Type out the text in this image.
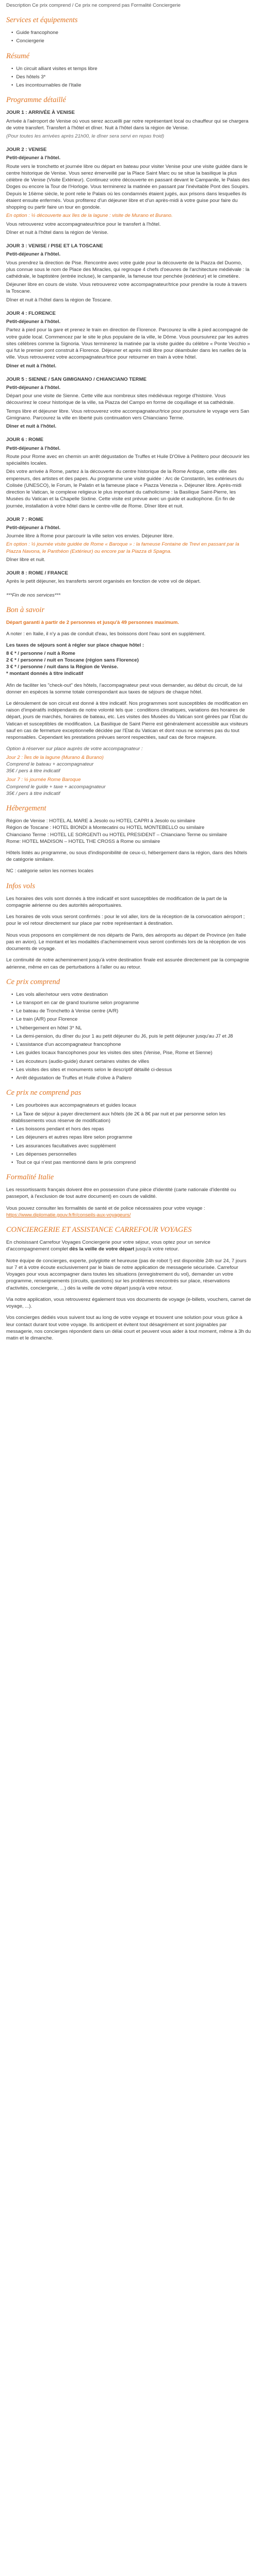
Description Ce prix comprend / Ce prix ne comprend pas Formalité Conciergerie
Services et équipements
• Guide francophone
• Conciergerie
Résumé
• Un circuit alliant visites et temps libre
• Des hôtels 3*
• Les incontournables de l'Italie
Programme détaillé
JOUR 1 : ARRIVÉE À VENISE

Arrivée à l'aéroport de Venise où vous serez accueilli par notre représentant local ou chauffeur qui se chargera de votre transfert. Transfert à l'hôtel et dîner. Nuit à l'hôtel dans la région de Venise.

(Pour toutes les arrivées après 21h00, le dîner sera servi en repas froid)

JOUR 2 : VENISE

Petit-déjeuner à l'hôtel.

Route vers le tronchetto et journée libre ou départ en bateau pour visiter Venise pour une visite guidée dans le centre historique de Venise. Vous serez émerveillé par la Place Saint Marc ou se situe la basilique la plus célèbre de Venise (Visite Extérieur). Continuez votre découverte en passant devant le Campanile, le Palais des Doges ou encore la Tour de l'Horloge. Vous terminerez la matinée en passant par l'inévitable Pont des Soupirs. Depuis le 16ème siècle, le pont relie le Palais où les condamnés étaient jugés, aux prisons dans lesquelles ils étaient ensuite enfermés. Vous profiterez d'un déjeuner libre et d'un après-midi à votre guise pour faire du shopping ou partir faire un tour en gondole.

En option : ½ découverte aux îles de la lagune : visite de Murano et Burano.

Vous retrouverez votre accompagnateur/trice pour le transfert à l'hôtel.

Dîner et nuit à l'hôtel dans la région de Venise.

JOUR 3 : VENISE / PISE ET LA TOSCANE

Petit-déjeuner à l'hôtel.

Vous prendrez la direction de Pise. Rencontre avec votre guide pour la découverte de la Piazza del Duomo, plus connue sous le nom de Place des Miracles, qui regroupe 4 chefs d'oeuvres de l'architecture médiévale : la cathédrale, le baptistère (entrée incluse), le campanile, la fameuse tour penchée (extérieur) et le cimetière.

Déjeuner libre en cours de visite. Vous retrouverez votre accompagnateur/trice pour prendre la route à travers la Toscane.

Dîner et nuit à l'hôtel dans la région de Toscane.

JOUR 4 : FLORENCE

Petit-déjeuner à l'hôtel.

Partez à pied pour la gare et prenez le train en direction de Florence. Parcourez la ville à pied accompagné de votre guide local. Commencez par le site le plus populaire de la ville, le Dôme. Vous poursuivrez par les autres sites célèbres comme la Signoria. Vous terminerez la matinée par la visite guidée du célèbre « Ponte Vecchio » qui fut le premier pont construit à Florence. Déjeuner et après midi libre pour déambuler dans les ruelles de la ville. Vous retrouverez votre accompagnateur/trice pour retourner en train à votre hôtel.

Dîner et nuit à l'hôtel.

JOUR 5 : SIENNE / SAN GIMIGNANO / CHIANCIANO TERME

Petit-déjeuner à l'hôtel.

Départ pour une visite de Sienne. Cette ville aux nombreux sites médiévaux regorge d'histoire. Vous découvrirez le coeur historique de la ville, sa Piazza del Campo en forme de coquillage et sa cathédrale.

Temps libre et déjeuner libre. Vous retrouverez votre accompagnateur/trice pour poursuivre le voyage vers San Gimignano. Parcourez la ville en liberté puis continuation vers Chianciano Terme.

Dîner et nuit à l'hôtel.

JOUR 6 : ROME

Petit-déjeuner à l'hôtel.

Route pour Rome avec en chemin un arrêt dégustation de Truffes et Huile D'Olive à Pellitero pour découvrir les spécialités locales.

Dès votre arrivée à Rome, partez à la découverte du centre historique de la Rome Antique, cette ville des empereurs, des artistes et des papes. Au programme une visite guidée : Arc de Constantin, les extérieurs du Colisée (UNESCO), le Forum, le Palatin et la fameuse place « Piazza Venezia ». Déjeuner libre. Après-midi direction le Vatican, le complexe religieux le plus important du catholicisme : la Basilique Saint-Pierre, les Musées du Vatican et la Chapelle Sixtine. Cette visite est prévue avec un guide et audiophone. En fin de journée, installation à votre hôtel dans le centre-ville de Rome. Dîner libre et nuit.

JOUR 7 : ROME

Petit-déjeuner à l'hôtel.

Journée libre à Rome pour parcourir la ville selon vos envies. Déjeuner libre.

En option : ½ journée visite guidée de Rome « Baroque » : la fameuse Fontaine de Trevi en passant par la Piazza Navona, le Panthéon (Extérieur) ou encore par la Piazza di Spagna.

Dîner libre et nuit.

JOUR 8 : ROME / FRANCE

Après le petit déjeuner, les transferts seront organisés en fonction de votre vol de départ.

***Fin de nos services***

Bon à savoir

Départ garanti à partir de 2 personnes et jusqu'à 49 personnes maximum.

A noter : en Italie, il n'y a pas de conduit d'eau, les boissons dont l'eau sont en supplément.

Les taxes de séjours sont à régler sur place chaque hôtel :

8 € * / personne / nuit à Rome
2 € * / personne / nuit en Toscane (région sans Florence)
3 € * / personne / nuit dans la Région de Venise.
* montant donnés à titre indicatif

Afin de faciliter les "check-out" des hôtels, l'accompagnateur peut vous demander, au début du circuit, de lui donner en espèces la somme totale correspondant aux taxes de séjours de chaque hôtel.

Le déroulement de son circuit est donné à titre indicatif. Nos programmes sont susceptibles de modification en raison d'impératifs indépendants de notre volonté tels que : conditions climatiques, variations des horaires de départ, jours de marchés, horaires de bateau, etc. Les visites des Musées du Vatican sont gérées par l'État du Vatican et susceptibles de modification. La Basilique de Saint Pierre est généralement accessible aux visiteurs sauf en cas de fermeture exceptionnelle décidée par l'Etat du Vatican et dont nous ne sommes pas du tout responsables. Cependant les prestations prévues seront respectées, sauf cas de force majeure.

Option à réserver sur place auprès de votre accompagnateur :
Jour 2 : Îles de la lagune (Murano & Burano)
Comprend le bateau + accompagnateur
35€ / pers à titre indicatif
Jour 7 : ½ journée Rome Baroque
Comprend le guide + taxe + accompagnateur
35€ / pers à titre indicatif
Hébergement
Région de Venise : HOTEL AL MARE à Jesolo ou HOTEL CAPRI à Jesolo ou similaire
Région de Toscane : HOTEL BIONDI à Montecatini ou HOTEL MONTEBELLO ou similaire
Chianciano Terme : HOTEL LE SORGENTI ou HOTEL PRESIDENT – Chianciano Terme ou similaire
Rome: HOTEL MADISON – HOTEL THE CROSS à Rome ou similaire

Hôtels listés au programme, ou sous d'indisponibilité de ceux-ci, hébergement dans la région, dans des hôtels de catégorie similaire.

NC : catégorie selon les normes locales

Infos vols

Les horaires des vols sont donnés à titre indicatif et sont susceptibles de modification de la part de la compagnie aérienne ou des autorités aéroportuaires.

Les horaires de vols vous seront confirmés : pour le vol aller, lors de la réception de la convocation aéroport ; pour le vol retour directement sur place par notre représentant à destination.

Nous vous proposons en complément de nos départs de Paris, des aéroports au départ de Province (en Italie pas en avion). Le montant et les modalités d'acheminement vous seront confirmés lors de la réception de vos documents de voyage.

Le continuité de notre acheminement jusqu'à votre destination finale est assurée directement par la compagnie aérienne, même en cas de perturbations à l'aller ou au retour.

Ce prix comprend
• Les vols aller/retour vers votre destination
• Le transport en car de grand tourisme selon programme
• Le bateau de Tronchetto à Venise centre (A/R)
• Le train (A/R) pour Florence
• L'hébergement en hôtel 3* NL
• La demi-pension, du dîner du jour 1 au petit déjeuner du J6, puis le petit déjeuner jusqu'au J7 et J8
• L'assistance d'un accompagnateur francophone
• Les guides locaux francophones pour les visites des sites (Venise, Pise, Rome et Sienne)
• Les écouteurs (audio-guide) durant certaines visites de villes
• Les visites des sites et monuments selon le descriptif détaillé ci-dessus
• Arrêt dégustation de Truffes et Huile d'olive à Pallero
Ce prix ne comprend pas
• Les pourboires aux accompagnateurs et guides locaux
• La Taxe de séjour à payer directement aux hôtels (de 2€ à 8€ par nuit et par personne selon les établissements vous réserve de modification)
• Les boissons pendant et hors des repas
• Les déjeuners et autres repas libre selon programme
• Les assurances facultatives avec supplément
• Les dépenses personnelles
• Tout ce qui n'est pas mentionné dans le prix comprend
Formalité Italie

Les ressortissants français doivent être en possession d'une pièce d'identité (carte nationale d'identité ou passeport, à l'exclusion de tout autre document) en cours de validité.

Vous pouvez consulter les formalités de santé et de police nécessaires pour votre voyage : https://www.diplomatie.gouv.fr/fr/conseils-aux-voyageurs/

CONCIERGERIE ET ASSISTANCE CARREFOUR VOYAGES

En choisissant Carrefour Voyages Conciergerie pour votre séjour, vous optez pour un service d'accompagnement complet dès la veille de votre départ jusqu'à votre retour.

Notre équipe de concierges, experte, polyglotte et heureuse (pas de robot !) est disponible 24h sur 24, 7 jours sur 7 et à votre écoute exclusivement par le biais de notre application de messagerie sécurisée. Carrefour Voyages pour vous accompagner dans toutes les situations (enregistrement du vol), demander un votre programme, renseignements (circuits, questions) sur les problèmes rencontrés sur place, réservations d'activités, conciergerie, ...) dès la veille de votre départ jusqu'à votre retour.

Via notre application, vous retrouverez également tous vos documents de voyage (e-billets, vouchers, carnet de voyage, ...).

Vos concierges dédiés vous suivent tout au long de votre voyage et trouvent une solution pour vous grâce à leur contact durant tout votre voyage. Ils anticipent et évitent tout désagrément et sont joignables par messagerie, nos concierges répondent dans un délai court et peuvent vous aider à tout moment, même à 3h du matin et le dimanche.
